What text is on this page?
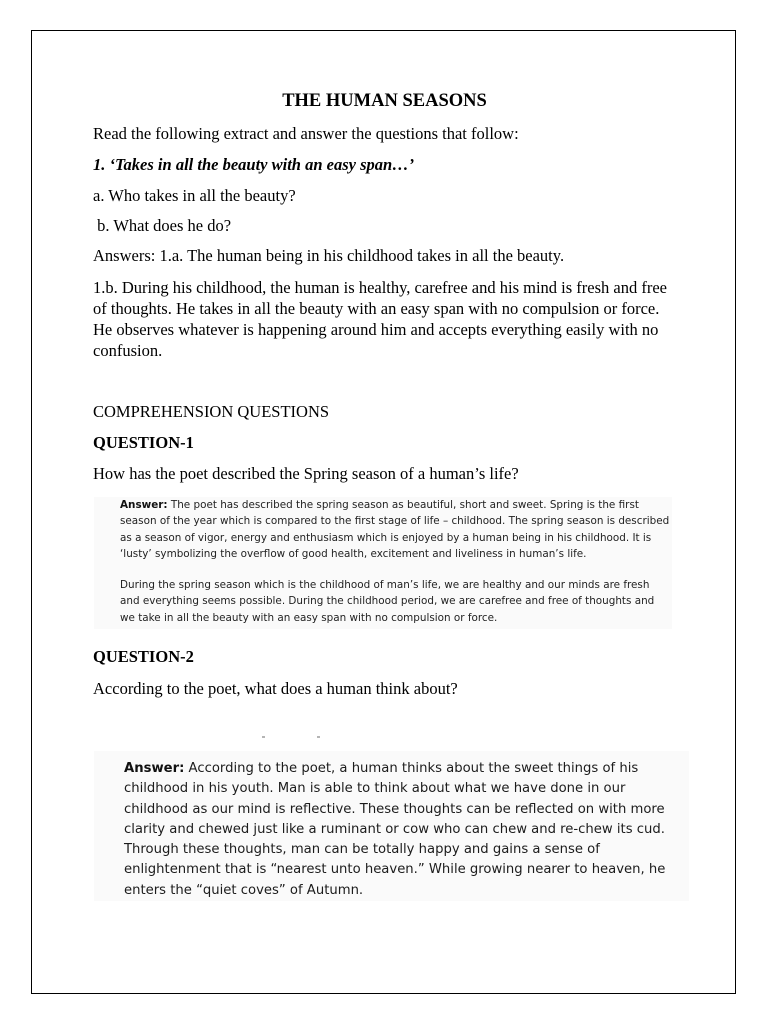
THE HUMAN SEASONS

Read the following extract and answer the questions that follow:

1. ‘Takes in all the beauty with an easy span…’

a. Who takes in all the beauty?

b. What does he do?

Answers: 1.a. The human being in his childhood takes in all the beauty.

1.b. During his childhood, the human is healthy, carefree and his mind is fresh and free of thoughts. He takes in all the beauty with an easy span with no compulsion or force. He observes whatever is happening around him and accepts everything easily with no confusion.

COMPREHENSION QUESTIONS

QUESTION-1

How has the poet described the Spring season of a human’s life?

Answer: The poet has described the spring season as beautiful, short and sweet. Spring is the first season of the year which is compared to the first stage of life – childhood. The spring season is described as a season of vigor, energy and enthusiasm which is enjoyed by a human being in his childhood. It is ‘lusty’ symbolizing the overflow of good health, excitement and liveliness in human’s life.

During the spring season which is the childhood of man’s life, we are healthy and our minds are fresh and everything seems possible. During the childhood period, we are carefree and free of thoughts and we take in all the beauty with an easy span with no compulsion or force.

QUESTION-2

According to the poet, what does a human think about?

Answer: According to the poet, a human thinks about the sweet things of his childhood in his youth. Man is able to think about what we have done in our childhood as our mind is reflective. These thoughts can be reflected on with more clarity and chewed just like a ruminant or cow who can chew and re-chew its cud. Through these thoughts, man can be totally happy and gains a sense of enlightenment that is “nearest unto heaven.” While growing nearer to heaven, he enters the “quiet coves” of Autumn.
